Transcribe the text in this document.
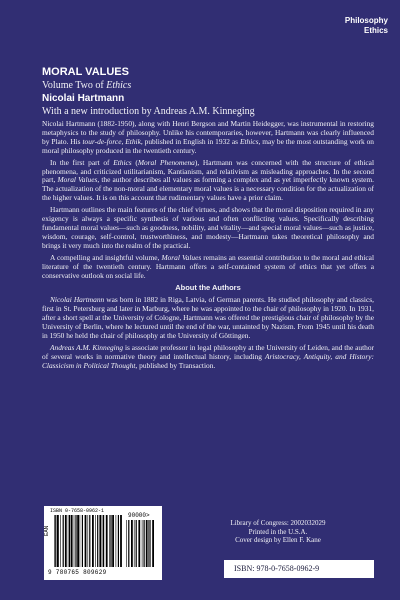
Philosophy
Ethics
MORAL VALUES
Volume Two of Ethics
Nicolai Hartmann
With a new introduction by Andreas A.M. Kinneging

Nicolai Hartmann (1882-1950), along with Henri Bergson and Martin Heidegger, was instrumental in restoring metaphysics to the study of philosophy. Unlike his contemporaries, however, Hartmann was clearly influenced by Plato. His tour-de-force, Ethik, published in English in 1932 as Ethics, may be the most outstanding work on moral philosophy produced in the twentieth century.

In the first part of Ethics (Moral Phenomena), Hartmann was concerned with the structure of ethical phenomena, and criticized utilitarianism, Kantianism, and relativism as misleading approaches. In the second part, Moral Values, the author describes all values as forming a complex and as yet imperfectly known system. The actualization of the non-moral and elementary moral values is a necessary condition for the actualization of the higher values. It is on this account that rudimentary values have a prior claim.

Hartmann outlines the main features of the chief virtues, and shows that the moral disposition required in any exigency is always a specific synthesis of various and often conflicting values. Specifically describing fundamental moral values—such as goodness, nobility, and vitality—and special moral values—such as justice, wisdom, courage, self-control, trustworthiness, and modesty—Hartmann takes theoretical philosophy and brings it very much into the realm of the practical.

A compelling and insightful volume, Moral Values remains an essential contribution to the moral and ethical literature of the twentieth century. Hartmann offers a self-contained system of ethics that yet offers a conservative outlook on social life.

About the Authors

Nicolai Hartmann was born in 1882 in Riga, Latvia, of German parents. He studied philosophy and classics, first in St. Petersburg and later in Marburg, where he was appointed to the chair of philosophy in 1920. In 1931, after a short spell at the University of Cologne, Hartmann was offered the prestigious chair of philosophy by the University of Berlin, where he lectured until the end of the war, untainted by Nazism. From 1945 until his death in 1950 he held the chair of philosophy at the University of Göttingen.

Andreas A.M. Kinneging is associate professor in legal philosophy at the University of Leiden, and the author of several works in normative theory and intellectual history, including Aristocracy, Antiquity, and History: Classicism in Political Thought, published by Transaction.

ISBN 0-7658-0962-1
EAN
90000>
9 780765 809629
Library of Congress: 2002032029
Printed in the U.S.A.
Cover design by Ellen F. Kane
ISBN: 978-0-7658-0962-9
